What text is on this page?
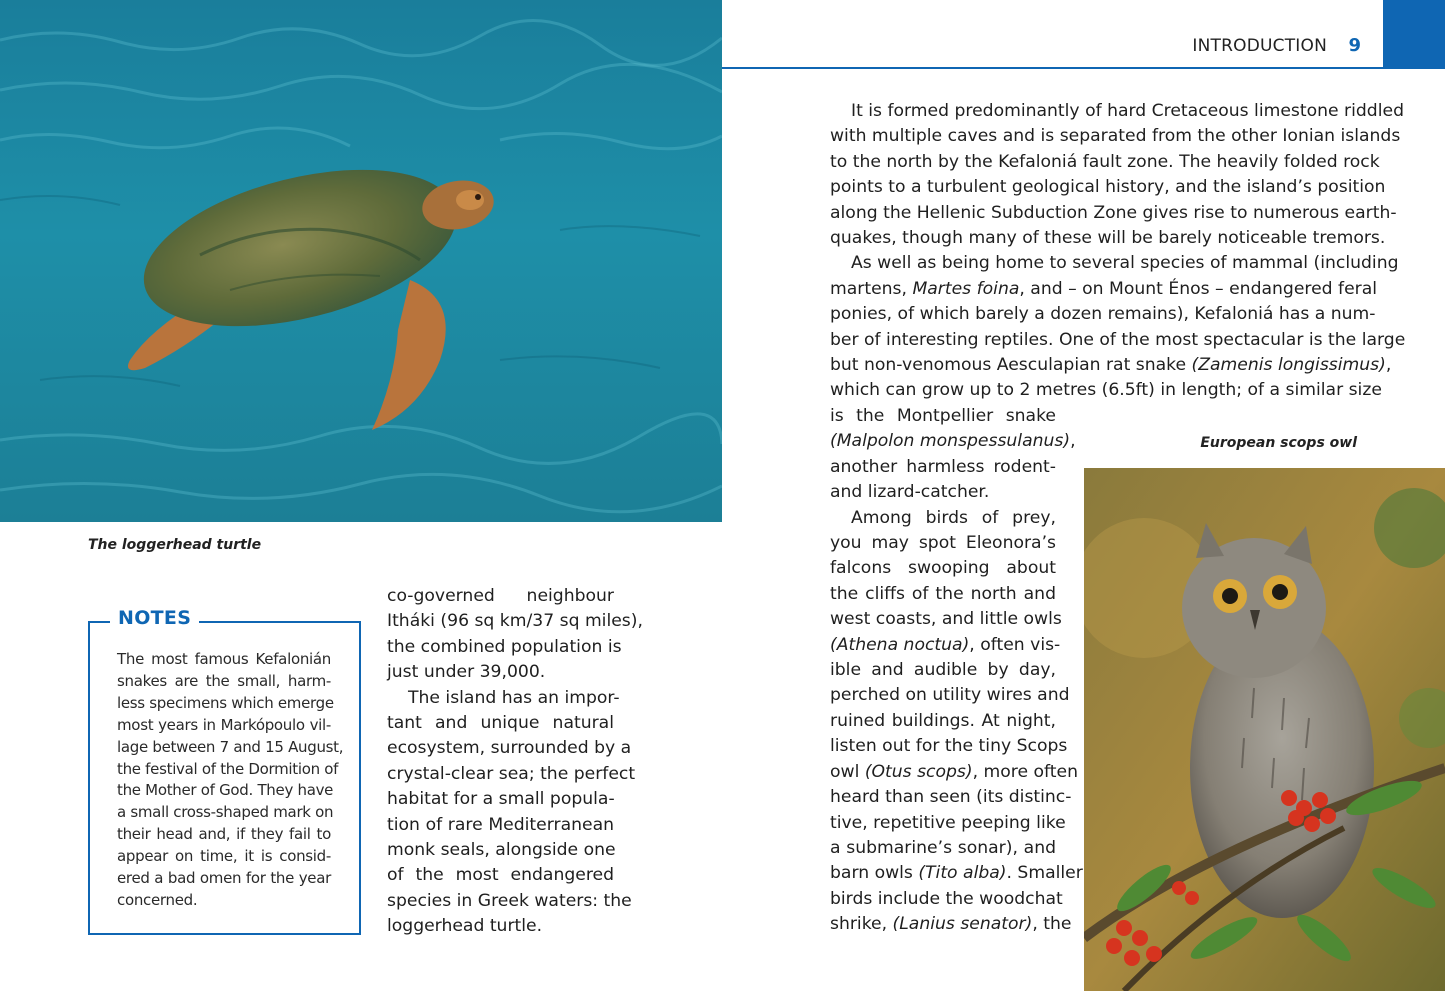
The loggerhead turtle
INTRODUCTION 9
It is formed predominantly of hard Cretaceous limestone riddled
with multiple caves and is separated from the other Ionian islands
to the north by the Kefaloniá fault zone. The heavily folded rock
points to a turbulent geological history, and the island’s position
along the Hellenic Subduction Zone gives rise to numerous earth-
quakes, though many of these will be barely noticeable tremors.
As well as being home to several species of mammal (including
martens, Martes foina, and – on Mount Énos – endangered feral
ponies, of which barely a dozen remains), Kefaloniá has a num-
ber of interesting reptiles. One of the most spectacular is the large
but non-venomous Aesculapian rat snake (Zamenis longissimus),
which can grow up to 2 metres (6.5ft) in length; of a similar size
is the Montpellier snake
(Malpolon monspessulanus),
another harmless rodent-
and lizard-catcher.
Among birds of prey,
you may spot Eleonora’s
falcons swooping about
the cliffs of the north and
west coasts, and little owls
(Athena noctua), often vis-
ible and audible by day,
perched on utility wires and
ruined buildings. At night,
listen out for the tiny Scops
owl (Otus scops), more often
heard than seen (its distinc-
tive, repetitive peeping like
a submarine’s sonar), and
barn owls (Tito alba). Smaller
birds include the woodchat
shrike, (Lanius senator), the
co-governed neighbour
Itháki (96 sq km/37 sq miles),
the combined population is
just under 39,000.
The island has an impor-
tant and unique natural
ecosystem, surrounded by a
crystal-clear sea; the perfect
habitat for a small popula-
tion of rare Mediterranean
monk seals, alongside one
of the most endangered
species in Greek waters: the
loggerhead turtle.
NOTES
The most famous Kefalonián
snakes are the small, harm-
less specimens which emerge
most years in Markópoulo vil-
lage between 7 and 15 August,
the festival of the Dormition of
the Mother of God. They have
a small cross-shaped mark on
their head and, if they fail to
appear on time, it is consid-
ered a bad omen for the year
concerned.
European scops owl
